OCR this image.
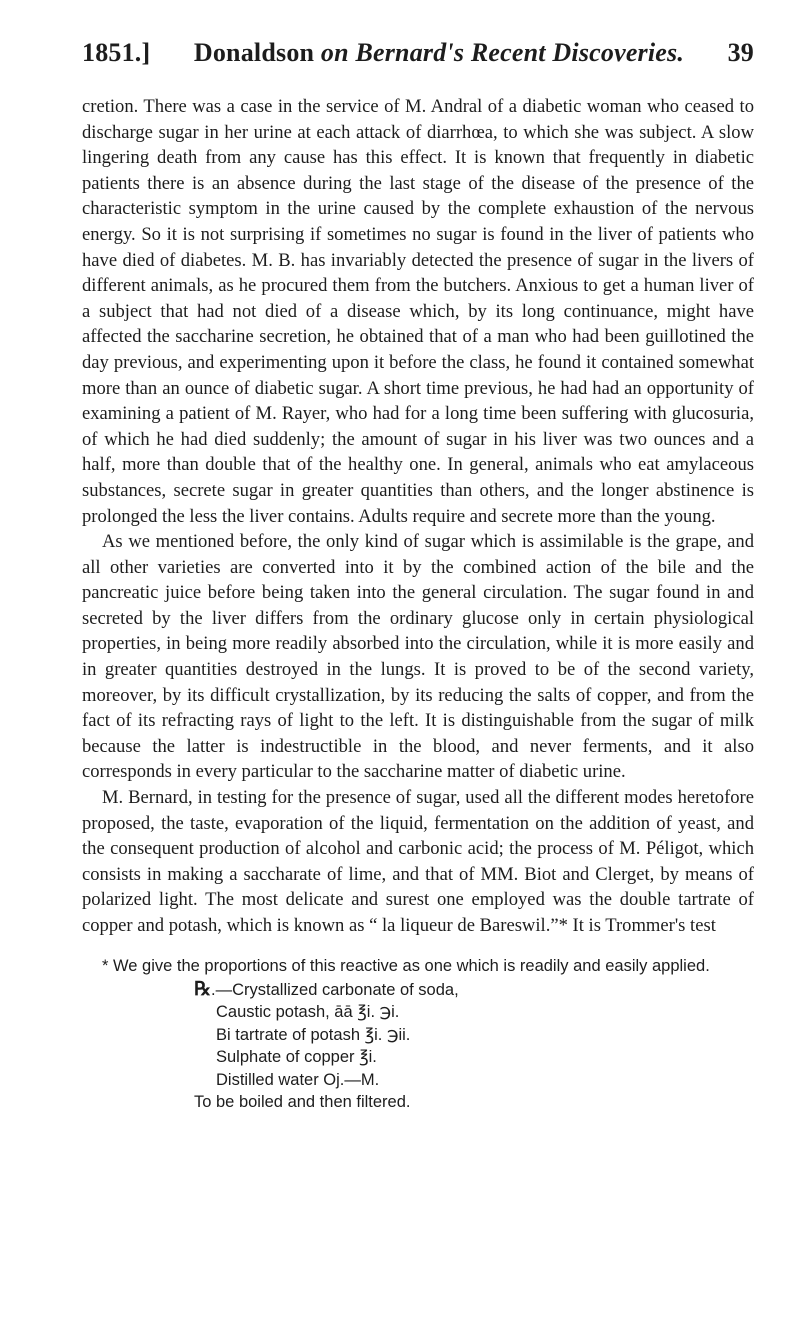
1851.] Donaldson on Bernard's Recent Discoveries. 39

cretion. There was a case in the service of M. Andral of a diabetic woman who ceased to discharge sugar in her urine at each attack of diarrhœa, to which she was subject. A slow lingering death from any cause has this effect. It is known that frequently in diabetic patients there is an absence during the last stage of the disease of the presence of the characteristic symptom in the urine caused by the complete exhaustion of the nervous energy. So it is not surprising if sometimes no sugar is found in the liver of patients who have died of diabetes. M. B. has invariably detected the presence of sugar in the livers of different animals, as he procured them from the butchers. Anxious to get a human liver of a subject that had not died of a disease which, by its long continuance, might have affected the saccharine secretion, he obtained that of a man who had been guillotined the day previous, and experimenting upon it before the class, he found it contained somewhat more than an ounce of diabetic sugar. A short time previous, he had had an opportunity of examining a patient of M. Rayer, who had for a long time been suffering with glucosuria, of which he had died suddenly; the amount of sugar in his liver was two ounces and a half, more than double that of the healthy one. In general, animals who eat amylaceous substances, secrete sugar in greater quantities than others, and the longer abstinence is prolonged the less the liver contains. Adults require and secrete more than the young.

As we mentioned before, the only kind of sugar which is assimilable is the grape, and all other varieties are converted into it by the combined action of the bile and the pancreatic juice before being taken into the general circulation. The sugar found in and secreted by the liver differs from the ordinary glucose only in certain physiological properties, in being more readily absorbed into the circulation, while it is more easily and in greater quantities destroyed in the lungs. It is proved to be of the second variety, moreover, by its difficult crystallization, by its reducing the salts of copper, and from the fact of its refracting rays of light to the left. It is distinguishable from the sugar of milk because the latter is indestructible in the blood, and never ferments, and it also corresponds in every particular to the saccharine matter of diabetic urine.

M. Bernard, in testing for the presence of sugar, used all the different modes heretofore proposed, the taste, evaporation of the liquid, fermentation on the addition of yeast, and the consequent production of alcohol and carbonic acid; the process of M. Péligot, which consists in making a saccharate of lime, and that of MM. Biot and Clerget, by means of polarized light. The most delicate and surest one employed was the double tartrate of copper and potash, which is known as “ la liqueur de Bareswil.”* It is Trommer's test

* We give the proportions of this reactive as one which is readily and easily applied.

℞.—Crystallized carbonate of soda,
Caustic potash, āā ℥i. ℈i.
Bi tartrate of potash ℥i. ℈ii.
Sulphate of copper ℥i.
Distilled water Oj.—M.
To be boiled and then filtered.
